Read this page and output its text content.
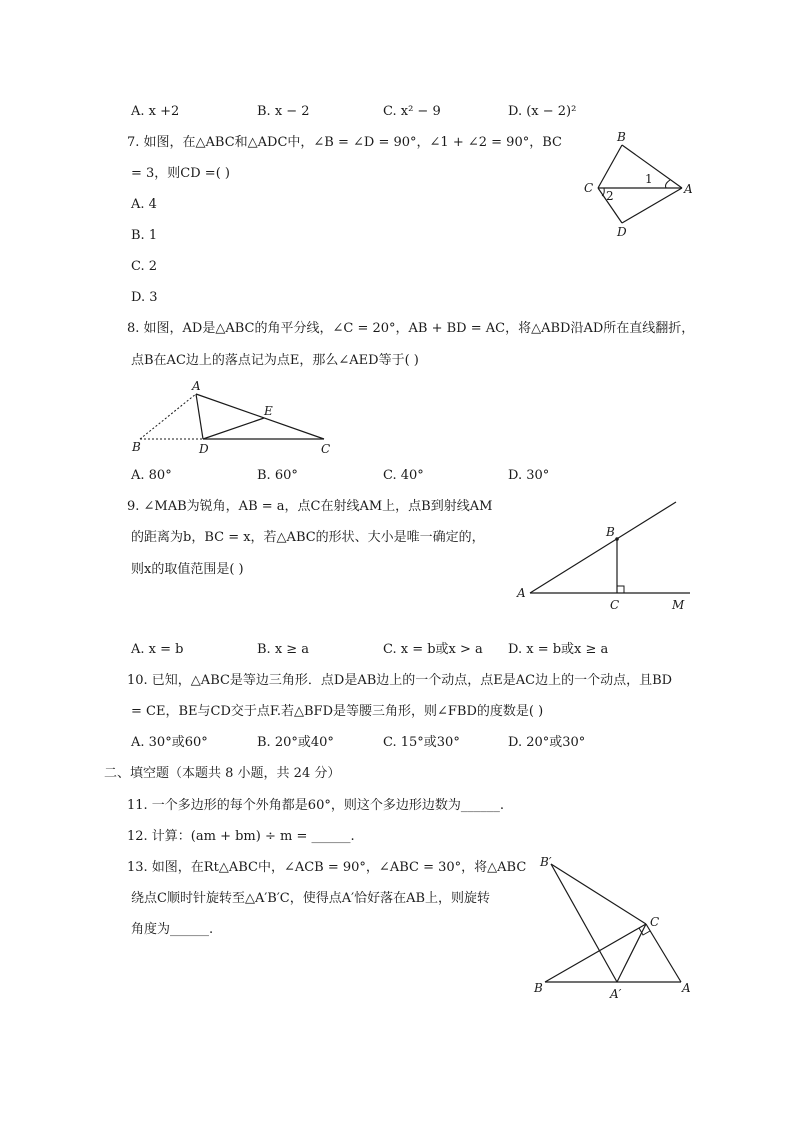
A. x +2	B. x − 2	C. x² − 9	D. (x − 2)²
7. 如图，在△ABC和△ADC中，∠B = ∠D = 90°，∠1 + ∠2 = 90°，BC
= 3，则CD =( )
A. 4
B. 1
C. 2
D. 3
B
C	A
D
1
2
8. 如图，AD是△ABC的角平分线，∠C = 20°，AB + BD = AC，将△ABD沿AD所在直线翻折，
点B在AC边上的落点记为点E，那么∠AED等于( )
A
E
B	D	C
A. 80°	B. 60°	C. 40°	D. 30°
9. ∠MAB为锐角，AB = a，点C在射线AM上，点B到射线AM
的距离为b，BC = x，若△ABC的形状、大小是唯一确定的，
则x的取值范围是( )
B
A
C	M
A. x = b	B. x ≥ a	C. x = b或x > a D. x = b或x ≥ a
10. 已知，△ABC是等边三角形．点D是AB边上的一个动点，点E是AC边上的一个动点，且BD
= CE，BE与CD交于点F.若△BFD是等腰三角形，则∠FBD的度数是( )
A. 30°或60°	B. 20°或40°	C. 15°或30°	D. 20°或30°
二、填空题（本题共 8 小题，共 24 分）
11. 一个多边形的每个外角都是60°，则这个多边形边数为______.
12. 计算：(am + bm) ÷ m = ______.
13. 如图，在Rt△ABC中，∠ACB = 90°，∠ABC = 30°，将△ABC
绕点C顺时针旋转至△A′B′C，使得点A′恰好落在AB上，则旋转
角度为______.
B′
C
B	A′	A
